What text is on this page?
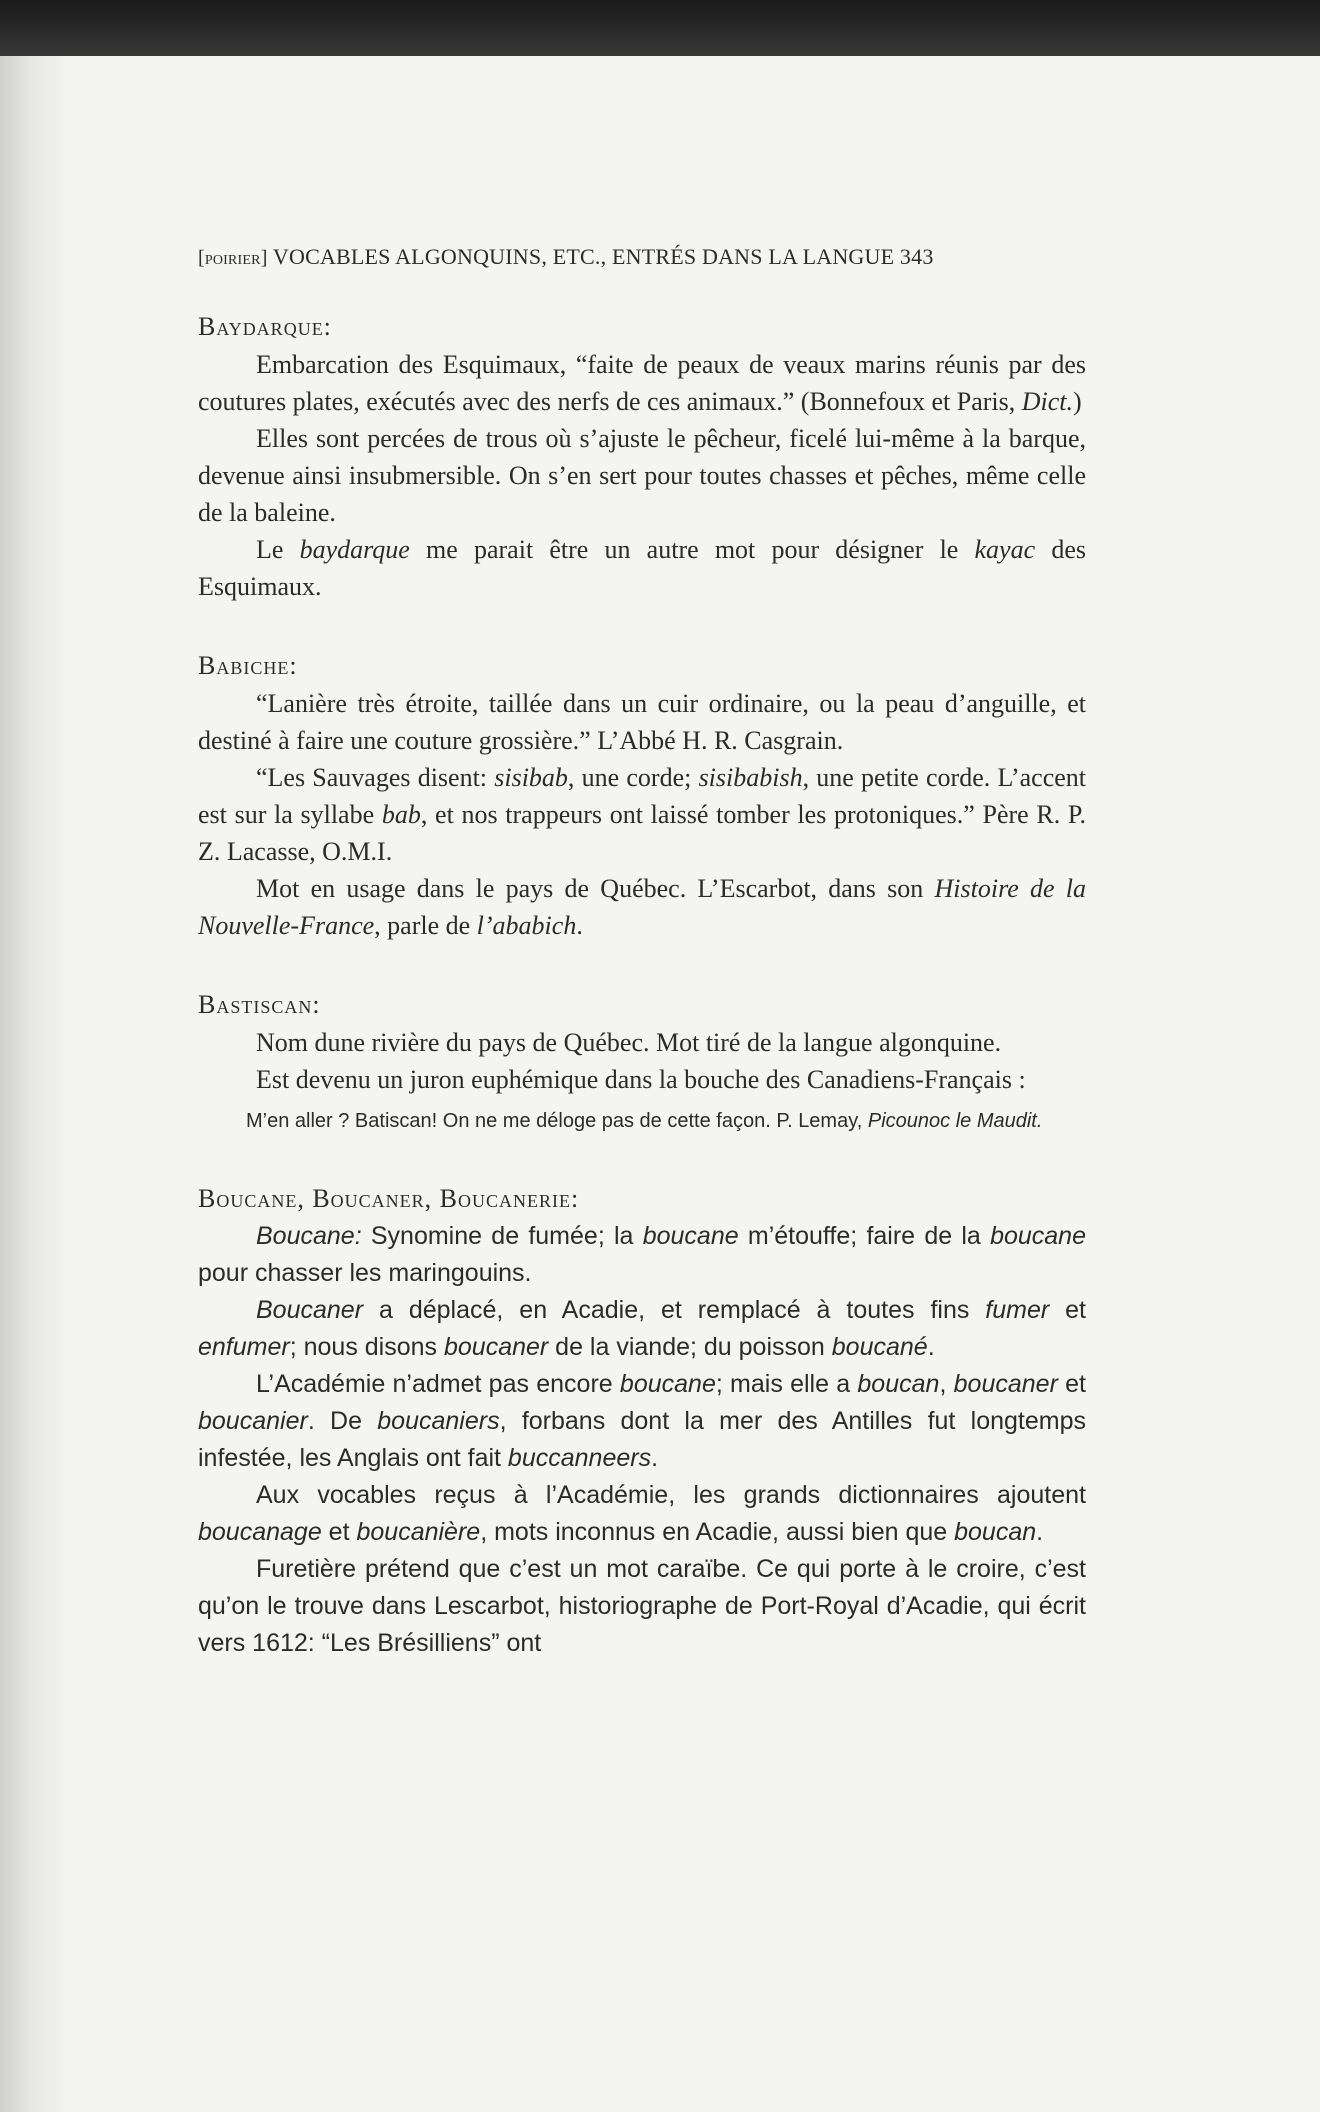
[poirier] VOCABLES ALGONQUINS, ETC., ENTRÉS DANS LA LANGUE 343
Baydarque:

Embarcation des Esquimaux, “faite de peaux de veaux marins réunis par des coutures plates, exécutés avec des nerfs de ces animaux.” (Bonnefoux et Paris, Dict.)

Elles sont percées de trous où s’ajuste le pêcheur, ficelé lui-même à la barque, devenue ainsi insubmersible. On s’en sert pour toutes chasses et pêches, même celle de la baleine.

Le baydarque me parait être un autre mot pour désigner le kayac des Esquimaux.

Babiche:

“Lanière très étroite, taillée dans un cuir ordinaire, ou la peau d’anguille, et destiné à faire une couture grossière.” L’Abbé H. R. Casgrain.

“Les Sauvages disent: sisibab, une corde; sisibabish, une petite corde. L’accent est sur la syllabe bab, et nos trappeurs ont laissé tomber les protoniques.” Père R. P. Z. Lacasse, O.M.I.

Mot en usage dans le pays de Québec. L’Escarbot, dans son Histoire de la Nouvelle-France, parle de l’ababich.

Bastiscan:

Nom dune rivière du pays de Québec. Mot tiré de la langue algonquine.

Est devenu un juron euphémique dans la bouche des Canadiens-Français :

M’en aller ? Batiscan! On ne me déloge pas de cette façon. P. Lemay, Picounoc le Maudit.

Boucane, Boucaner, Boucanerie:

Boucane: Synomine de fumée; la boucane m’étouffe; faire de la boucane pour chasser les maringouins.

Boucaner a déplacé, en Acadie, et remplacé à toutes fins fumer et enfumer; nous disons boucaner de la viande; du poisson boucané.

L’Académie n’admet pas encore boucane; mais elle a boucan, boucaner et boucanier. De boucaniers, forbans dont la mer des Antilles fut longtemps infestée, les Anglais ont fait buccanneers.

Aux vocables reçus à l’Académie, les grands dictionnaires ajoutent boucanage et boucanière, mots inconnus en Acadie, aussi bien que boucan.

Furetière prétend que c’est un mot caraïbe. Ce qui porte à le croire, c’est qu’on le trouve dans Lescarbot, historiographe de Port-Royal d’Acadie, qui écrit vers 1612: “Les Brésilliens” ont
